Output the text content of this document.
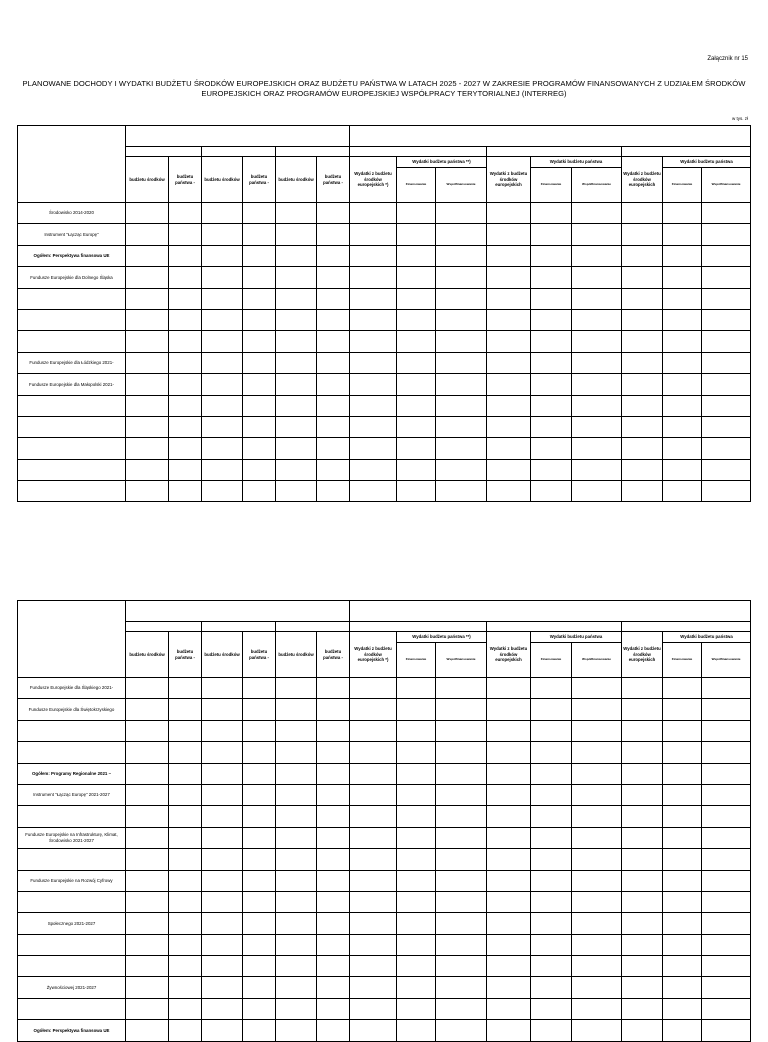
Załącznik nr 15
PLANOWANE DOCHODY I WYDATKI BUDŻETU ŚRODKÓW EUROPEJSKICH ORAZ BUDŻETU PAŃSTWA W LATACH 2025 - 2027 W ZAKRESIE PROGRAMÓW FINANSOWANYCH Z UDZIAŁEM ŚRODKÓW EUROPEJSKICH ORAZ PROGRAMÓW EUROPEJSKIEJ WSPÓŁPRACY TERYTORIALNEJ (INTERREG)
w tys. zł

	budżetu środków	budżetu państwa -	budżetu środków	budżetu państwa -	budżetu środków	budżetu państwa -	Wydatki z budżetu środków europejskich *)	Wydatki budżetu państwa **)		Wydatki z budżetu środków europejskich	Wydatki budżetu państwa		Wydatki z budżetu środków europejskich	Wydatki budżetu państwa	
								Finansowanie	Współfinansowanie		Finansowanie	Współfinansowanie		Finansowanie	Współfinansowanie
Środowisko 2014-2020															
Instrument "Łącząc Europę"															
Ogółem: Perspektywa finansowa UE															
Fundusze Europejskie dla Dolnego Śląska															

Fundusze Europejskie dla Łódzkiego 2021-															
Fundusze Europejskie dla Małopolski 2021-															

	budżetu środków	budżetu państwa -	budżetu środków	budżetu państwa -	budżetu środków	budżetu państwa -	Wydatki z budżetu środków europejskich *)	Wydatki budżetu państwa **)		Wydatki z budżetu środków europejskich	Wydatki budżetu państwa		Wydatki z budżetu środków europejskich	Wydatki budżetu państwa	
								Finansowanie	Współfinansowanie		Finansowanie	Współfinansowanie		Finansowanie	Współfinansowanie
Fundusze Europejskie dla Śląskiego 2021-															
Fundusze Europejskie dla Świętokrzyskiego															

Ogółem: Programy Regionalne 2021 –															
Instrument "Łącząc Europę" 2021-2027															

Fundusze Europejskie na Infrastrukturę, Klimat, Środowisko 2021-2027															

Fundusze Europejskie na Rozwój Cyfrowy															

Społecznego 2021-2027															

Żywnościowej 2021-2027															

Ogółem: Perspektywa finansowa UE															
